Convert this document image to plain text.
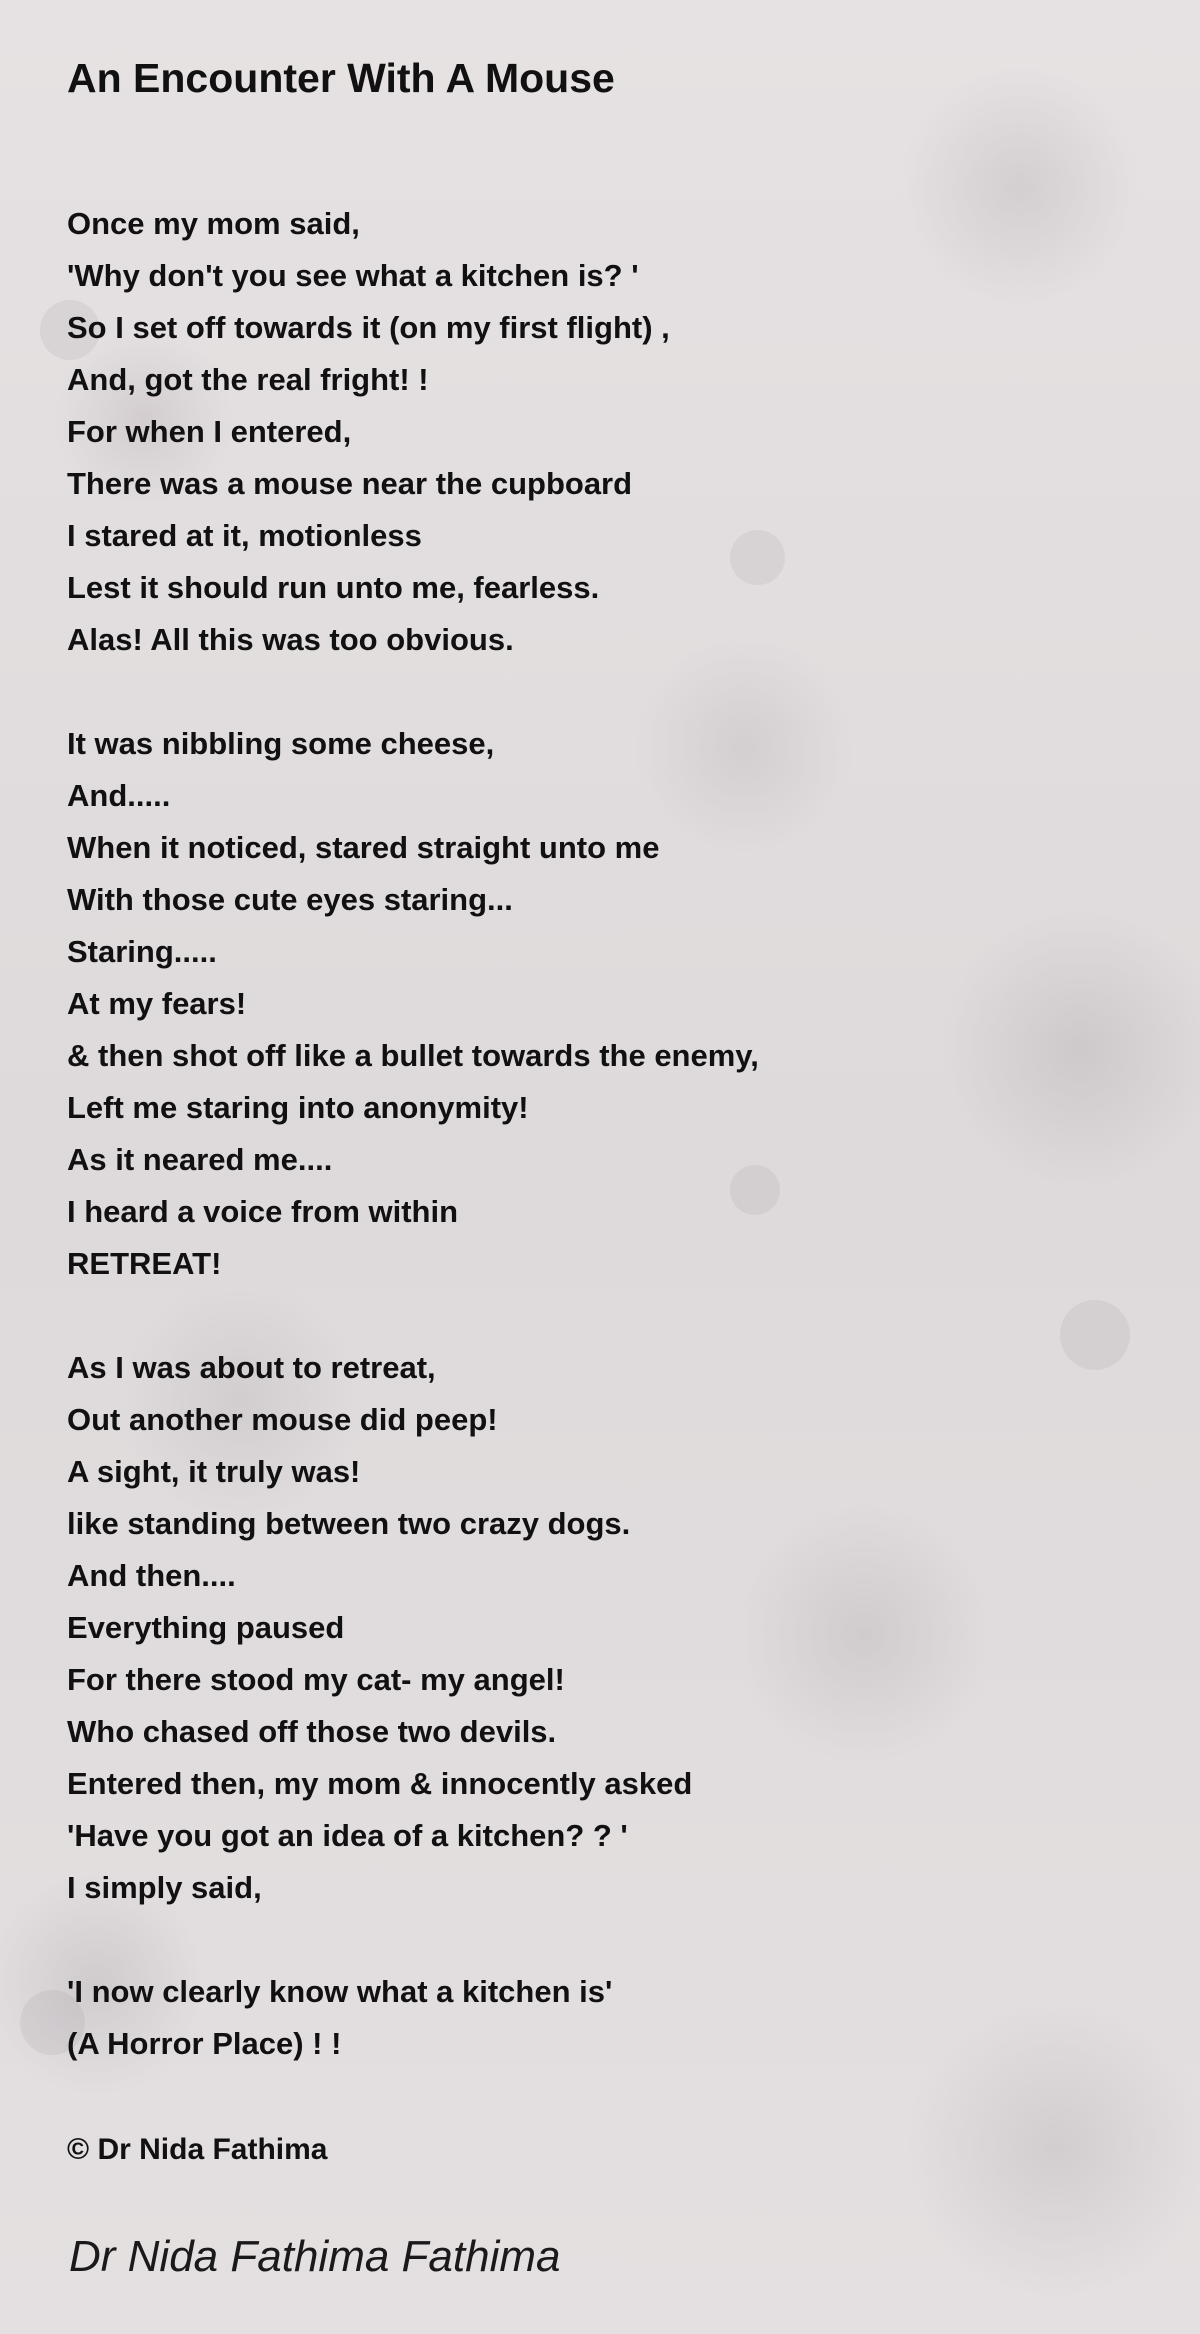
An Encounter With A Mouse
Once my mom said,
'Why don't you see what a kitchen is? '
So I set off towards it (on my first flight) ,
And, got the real fright! !
For when I entered,
There was a mouse near the cupboard
I stared at it, motionless
Lest it should run unto me, fearless.
Alas! All this was too obvious.
It was nibbling some cheese,
And.....
When it noticed, stared straight unto me
With those cute eyes staring...
Staring.....
At my fears!
& then shot off like a bullet towards the enemy,
Left me staring into anonymity!
As it neared me....
I heard a voice from within
RETREAT!
As I was about to retreat,
Out another mouse did peep!
A sight, it truly was!
like standing between two crazy dogs.
And then....
Everything paused
For there stood my cat- my angel!
Who chased off those two devils.
Entered then, my mom & innocently asked
'Have you got an idea of a kitchen? ? '
I simply said,
'I now clearly know what a kitchen is'
(A Horror Place) ! !
© Dr Nida Fathima
Dr Nida Fathima Fathima
